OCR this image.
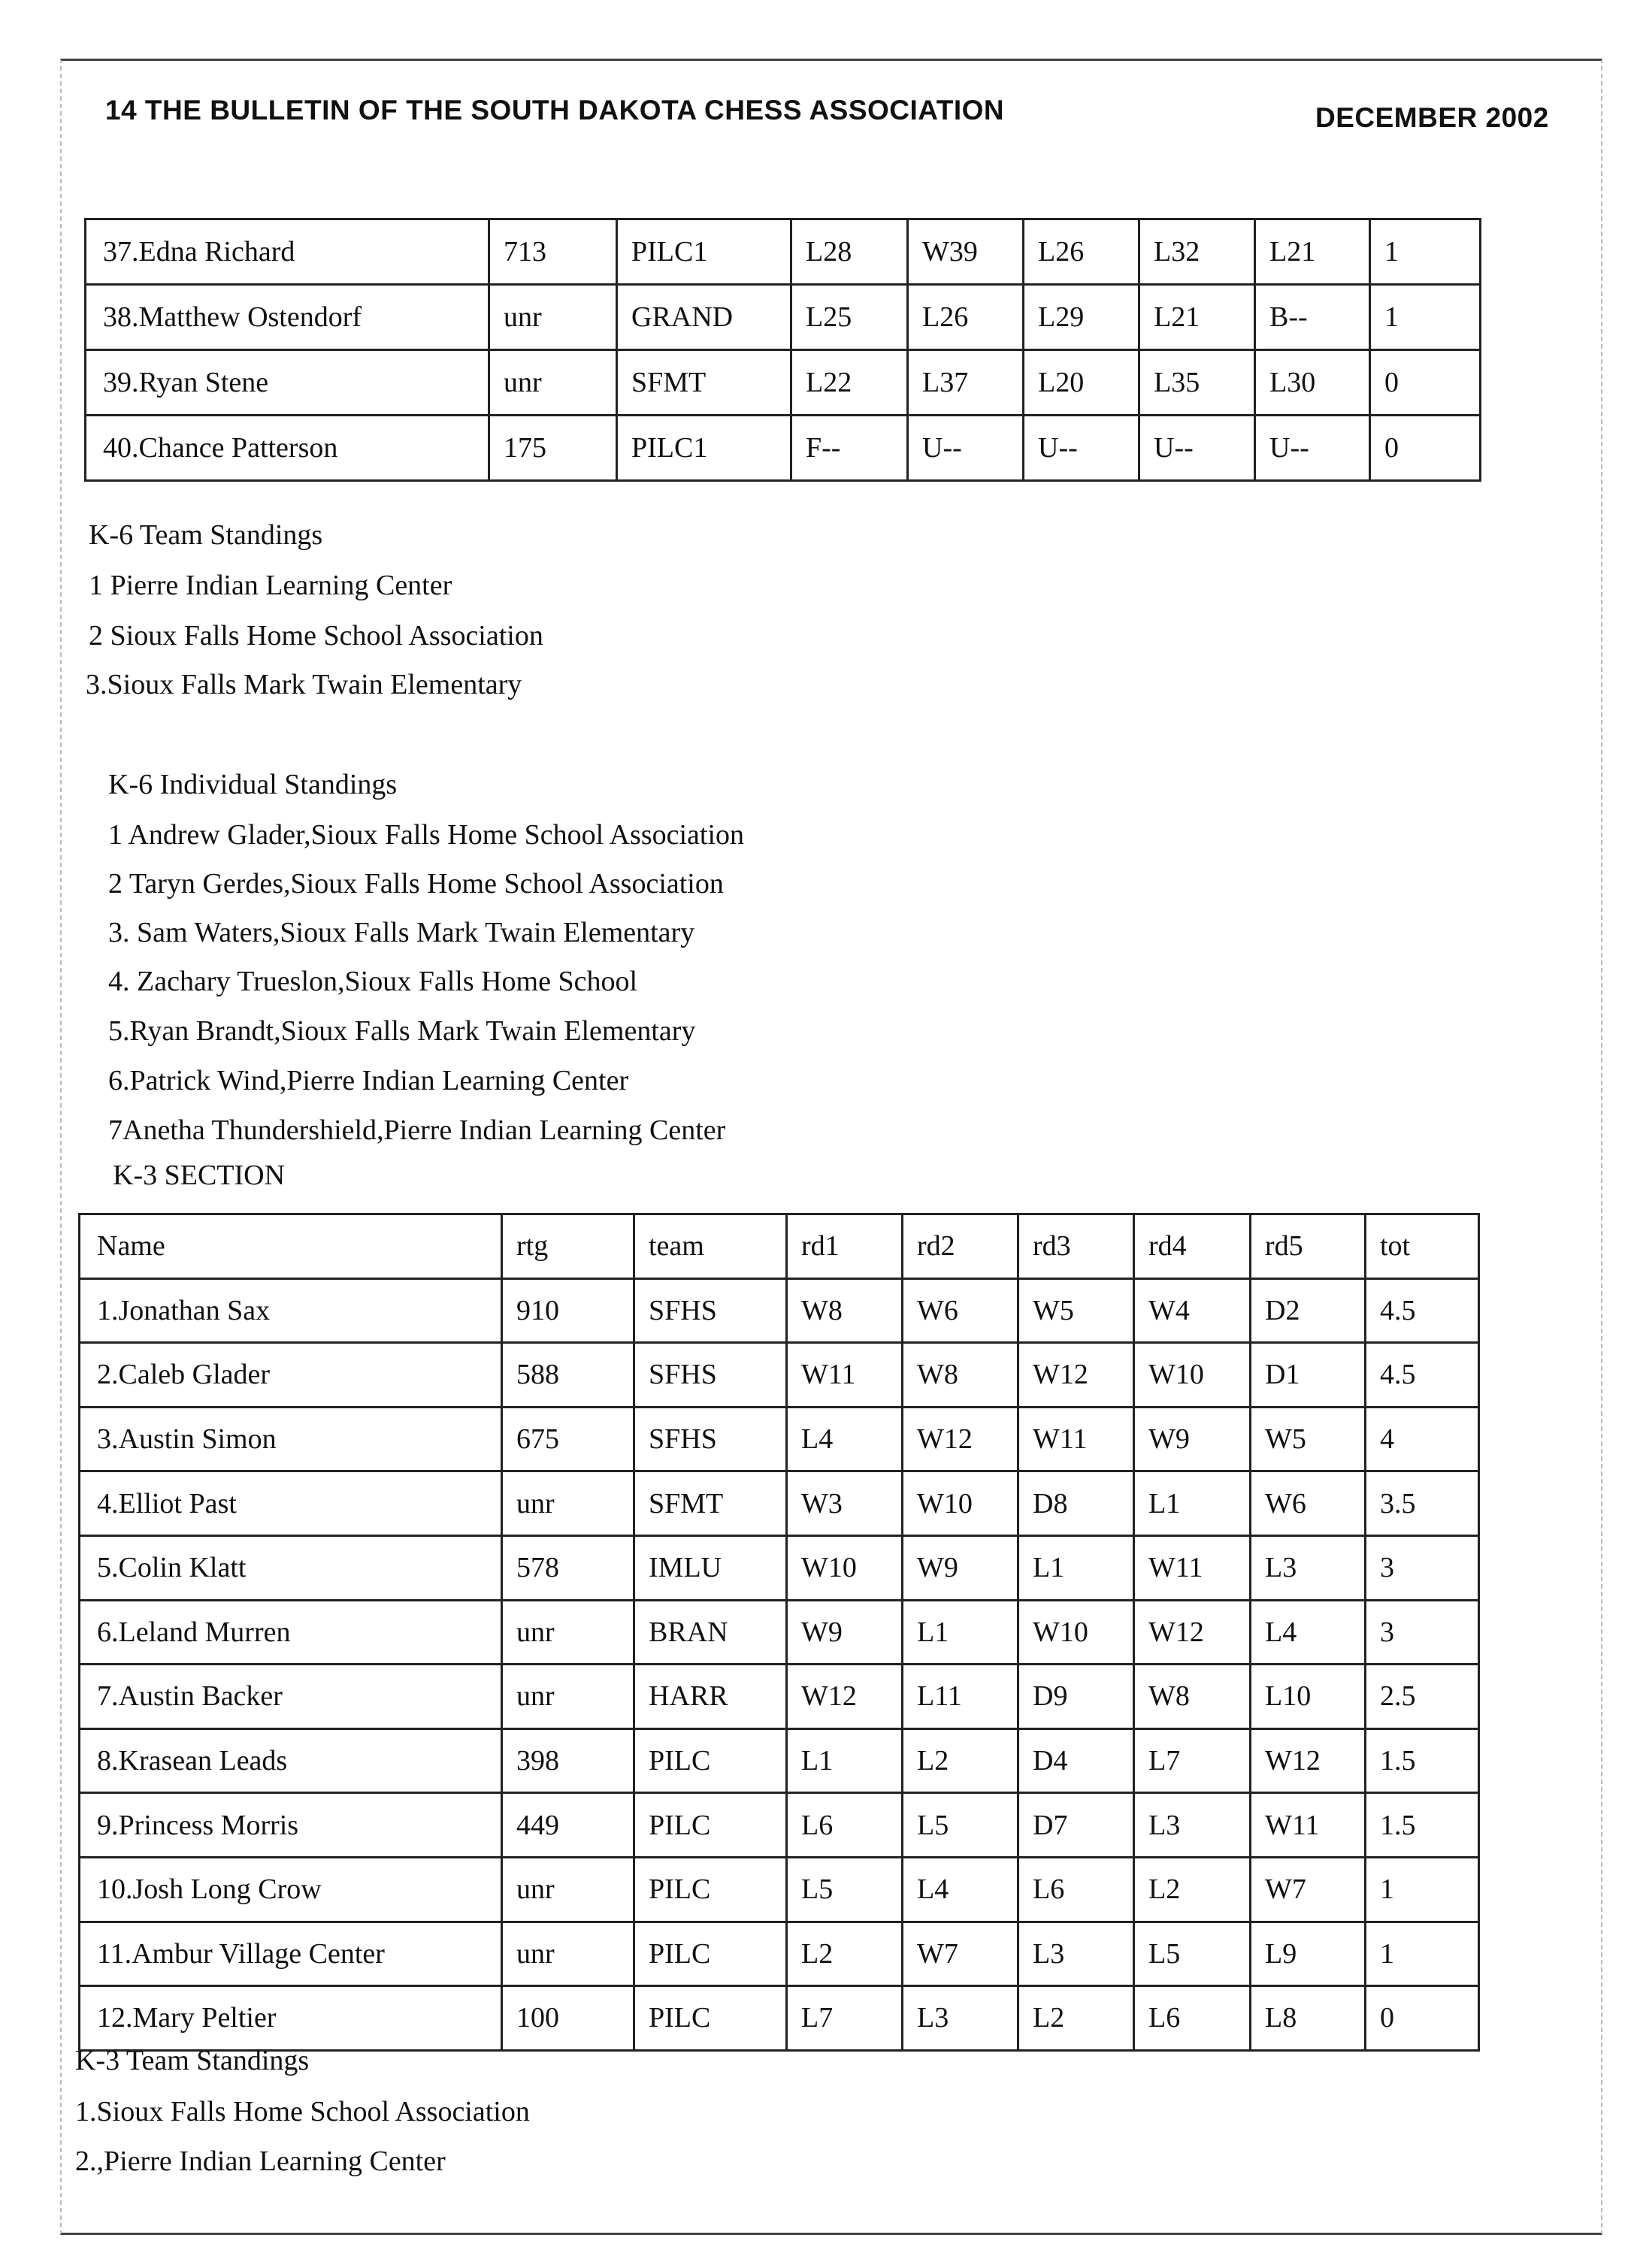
14 THE BULLETIN OF THE SOUTH DAKOTA CHESS ASSOCIATION	DECEMBER 2002
37.Edna Richard	713	PILC1	L28	W39	L26	L32	L21	1
38.Matthew Ostendorf	unr	GRAND	L25	L26	L29	L21	B--	1
39.Ryan Stene	unr	SFMT	L22	L37	L20	L35	L30	0
40.Chance Patterson	175	PILC1	F--	U--	U--	U--	U--	0
K-6 Team Standings
1 Pierre Indian Learning Center
2 Sioux Falls Home School Association
3.Sioux Falls Mark Twain Elementary
K-6 Individual Standings
1 Andrew Glader,Sioux Falls Home School Association
2 Taryn Gerdes,Sioux Falls Home School Association
3. Sam Waters,Sioux Falls Mark Twain Elementary
4. Zachary Trueslon,Sioux Falls Home School
5.Ryan Brandt,Sioux Falls Mark Twain Elementary
6.Patrick Wind,Pierre Indian Learning Center
7Anetha Thundershield,Pierre Indian Learning Center
K-3 SECTION
Name	rtg	team	rd1	rd2	rd3	rd4	rd5	tot
1.Jonathan Sax	910	SFHS	W8	W6	W5	W4	D2	4.5
2.Caleb Glader	588	SFHS	W11	W8	W12	W10	D1	4.5
3.Austin Simon	675	SFHS	L4	W12	W11	W9	W5	4
4.Elliot Past	unr	SFMT	W3	W10	D8	L1	W6	3.5
5.Colin Klatt	578	IMLU	W10	W9	L1	W11	L3	3
6.Leland Murren	unr	BRAN	W9	L1	W10	W12	L4	3
7.Austin Backer	unr	HARR	W12	L11	D9	W8	L10	2.5
8.Krasean Leads	398	PILC	L1	L2	D4	L7	W12	1.5
9.Princess Morris	449	PILC	L6	L5	D7	L3	W11	1.5
10.Josh Long Crow	unr	PILC	L5	L4	L6	L2	W7	1
11.Ambur Village Center	unr	PILC	L2	W7	L3	L5	L9	1
12.Mary Peltier	100	PILC	L7	L3	L2	L6	L8	0
K-3 Team Standings
1.Sioux Falls Home School Association
2.,Pierre Indian Learning Center
